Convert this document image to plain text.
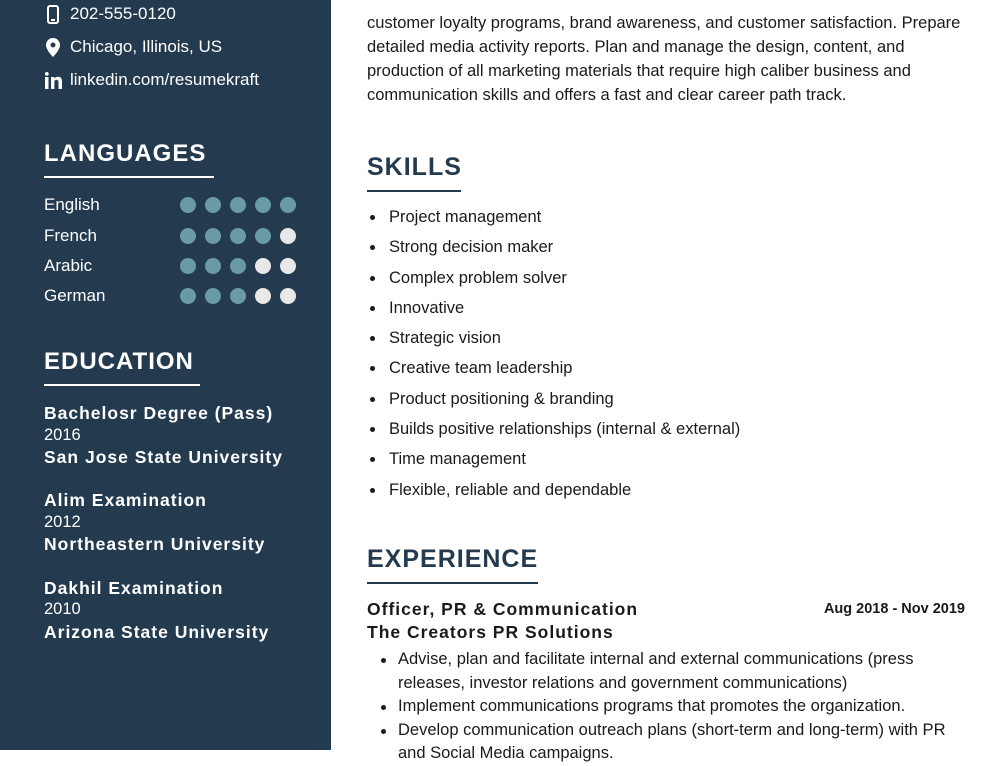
202-555-0120
Chicago, Illinois, US
linkedin.com/resumekraft
LANGUAGES
English
French
Arabic
German
EDUCATION
Bachelosr Degree (Pass)
2016
San Jose State University
Alim Examination
2012
Northeastern University
Dakhil Examination
2010
Arizona State University

customer loyalty programs, brand awareness, and customer satisfaction. Prepare detailed media activity reports. Plan and manage the design, content, and production of all marketing materials that require high caliber business and communication skills and offers a fast and clear career path track.

SKILLS
Project management
Strong decision maker
Complex problem solver
Innovative
Strategic vision
Creative team leadership
Product positioning & branding
Builds positive relationships (internal & external)
Time management
Flexible, reliable and dependable
EXPERIENCE
Officer, PR & Communication	Aug 2018 - Nov 2019
The Creators PR Solutions
Advise, plan and facilitate internal and external communications (press releases, investor relations and government communications)
Implement communications programs that promotes the organization.
Develop communication outreach plans (short-term and long-term) with PR and Social Media campaigns.
